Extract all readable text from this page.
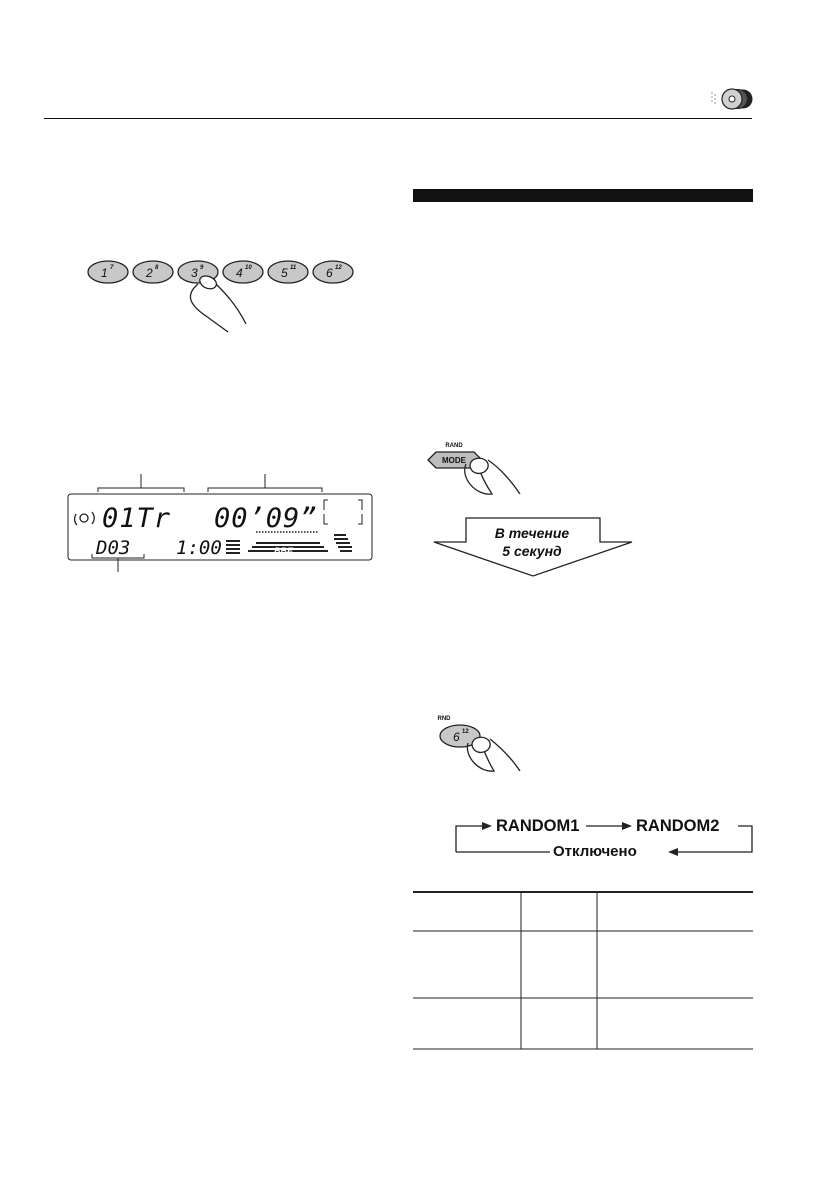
1 7	2 8	3 9	4 10 5 11 6 12
01Tr 00’09”
D03 1:00	BBE
RAND
MODE
В течение
5 секунд
RND
6 12
RANDOM1	RANDOM2
Отключено
